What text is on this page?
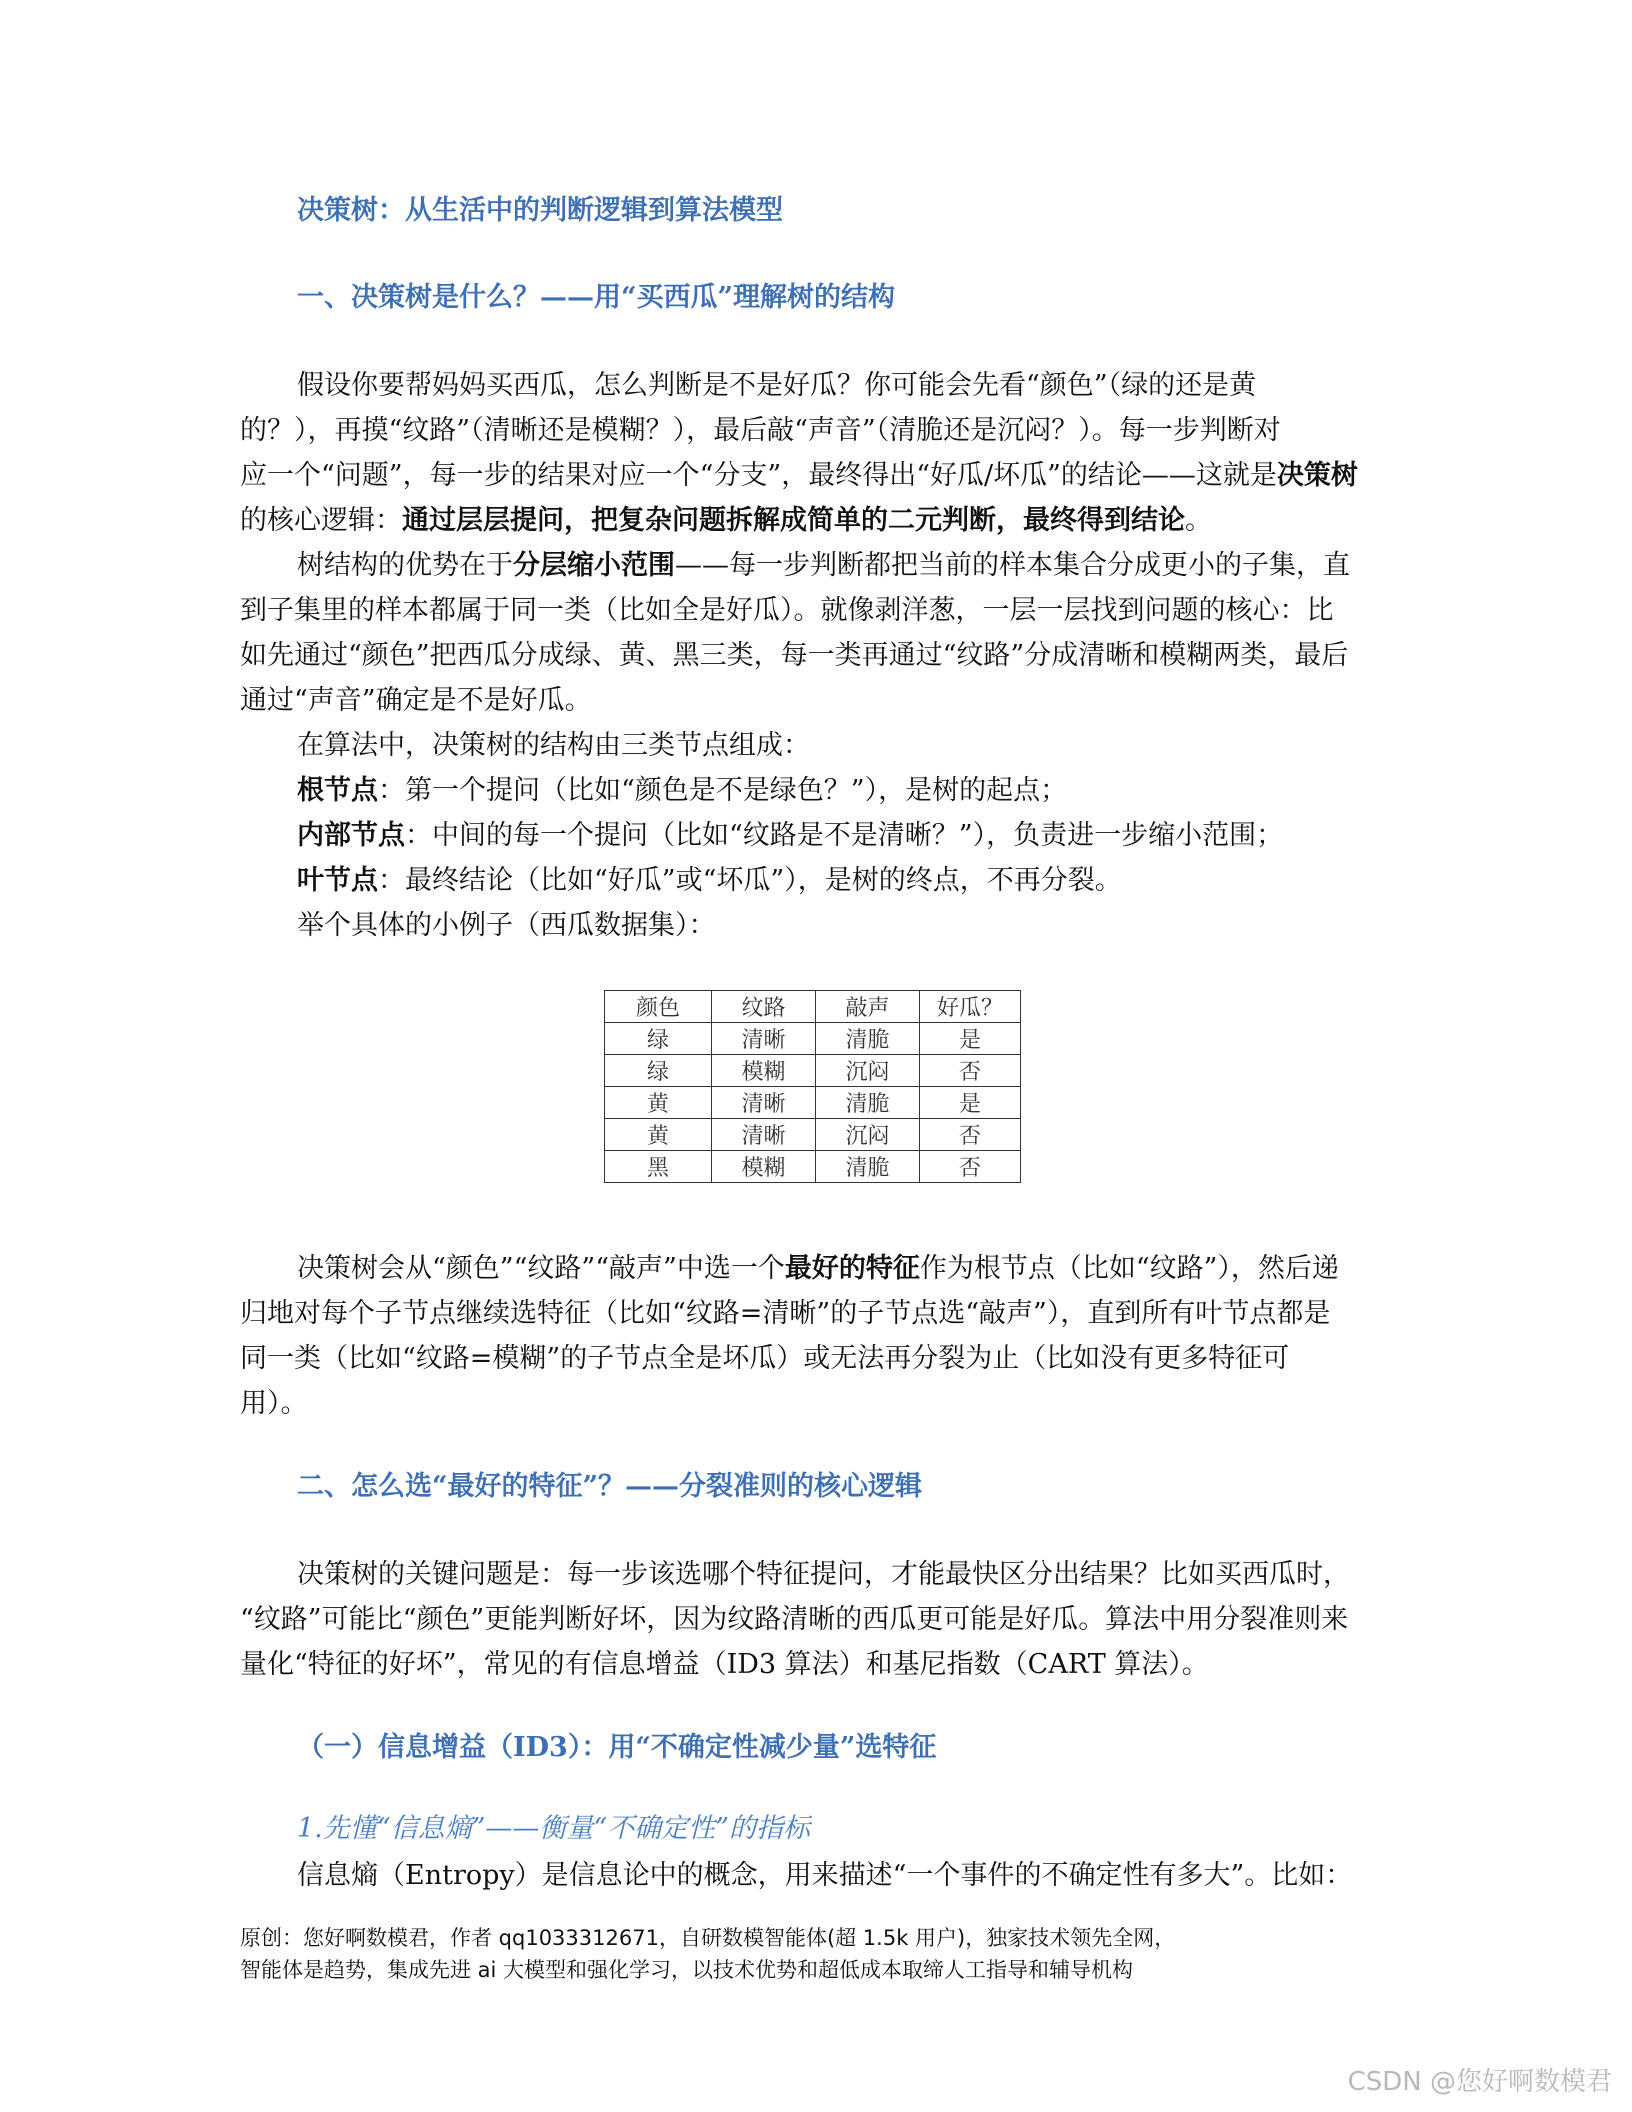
决策树：从生活中的判断逻辑到算法模型
一、决策树是什么？——用“买西瓜”理解树的结构
假设你要帮妈妈买西瓜，怎么判断是不是好瓜？你可能会先看“颜色”（绿的还是黄
的？），再摸“纹路”（清晰还是模糊？），最后敲“声音”（清脆还是沉闷？）。每一步判断对
应一个“问题”，每一步的结果对应一个“分支”，最终得出“好瓜/坏瓜”的结论——这就是决策树
的核心逻辑：通过层层提问，把复杂问题拆解成简单的二元判断，最终得到结论。
树结构的优势在于分层缩小范围——每一步判断都把当前的样本集合分成更小的子集，直
到子集里的样本都属于同一类（比如全是好瓜）。就像剥洋葱，一层一层找到问题的核心：比
如先通过“颜色”把西瓜分成绿、黄、黑三类，每一类再通过“纹路”分成清晰和模糊两类，最后
通过“声音”确定是不是好瓜。
在算法中，决策树的结构由三类节点组成：
根节点：第一个提问（比如“颜色是不是绿色？”），是树的起点；
内部节点：中间的每一个提问（比如“纹路是不是清晰？”），负责进一步缩小范围；
叶节点：最终结论（比如“好瓜”或“坏瓜”），是树的终点，不再分裂。
举个具体的小例子（西瓜数据集）：
颜色	纹路	敲声	好瓜？
绿	清晰	清脆	是
绿	模糊	沉闷	否
黄	清晰	清脆	是
黄	清晰	沉闷	否
黑	模糊	清脆	否
决策树会从“颜色”“纹路”“敲声”中选一个最好的特征作为根节点（比如“纹路”），然后递
归地对每个子节点继续选特征（比如“纹路=清晰”的子节点选“敲声”），直到所有叶节点都是
同一类（比如“纹路=模糊”的子节点全是坏瓜）或无法再分裂为止（比如没有更多特征可
用）。
二、怎么选“最好的特征”？——分裂准则的核心逻辑
决策树的关键问题是：每一步该选哪个特征提问，才能最快区分出结果？比如买西瓜时，
“纹路”可能比“颜色”更能判断好坏，因为纹路清晰的西瓜更可能是好瓜。算法中用分裂准则来
量化“特征的好坏”，常见的有信息增益（ID3 算法）和基尼指数（CART 算法）。
（一）信息增益（ID3）：用“不确定性减少量”选特征
1.先懂“信息熵”——衡量“不确定性”的指标
信息熵（Entropy）是信息论中的概念，用来描述“一个事件的不确定性有多大”。比如：
原创：您好啊数模君，作者 qq1033312671，自研数模智能体(超 1.5k 用户)，独家技术领先全网，
智能体是趋势，集成先进 ai 大模型和强化学习，以技术优势和超低成本取缔人工指导和辅导机构
CSDN @您好啊数模君
